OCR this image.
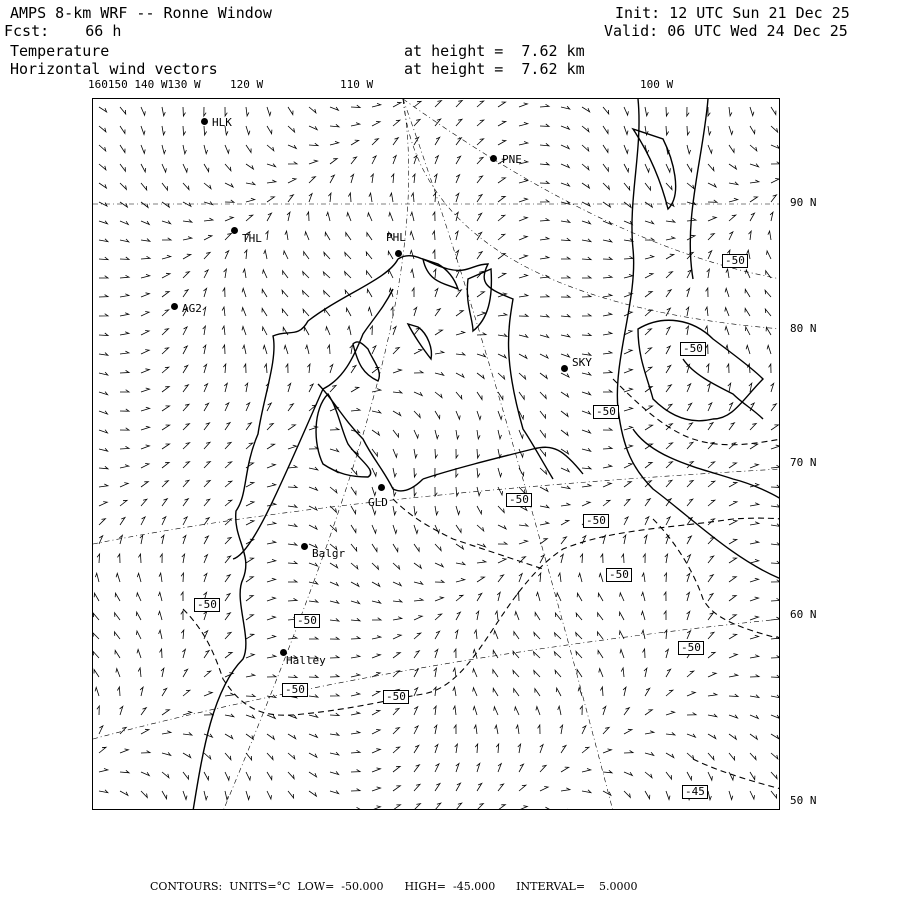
AMPS 8-km WRF -- Ronne Window
Fcst:    66 h
Init: 12 UTC Sun 21 Dec 25
Valid: 06 UTC Wed 24 Dec 25
Temperature
Horizontal wind vectors
at height =  7.62 km
at height =  7.62 km
160150 140 W130 W	120 W	110 W	100 W
90 N
80 N
70 N
60 N
50 N
HLK
PNE
THL	PHL
AG2
SKY
GLD
Balgr
Halley
-50
-50
-50
-50
-50
-50
-50
-50
-50
-50
-50
-45
CONTOURS:  UNITS=°C  LOW=  -50.000      HIGH=  -45.000      INTERVAL=    5.0000
